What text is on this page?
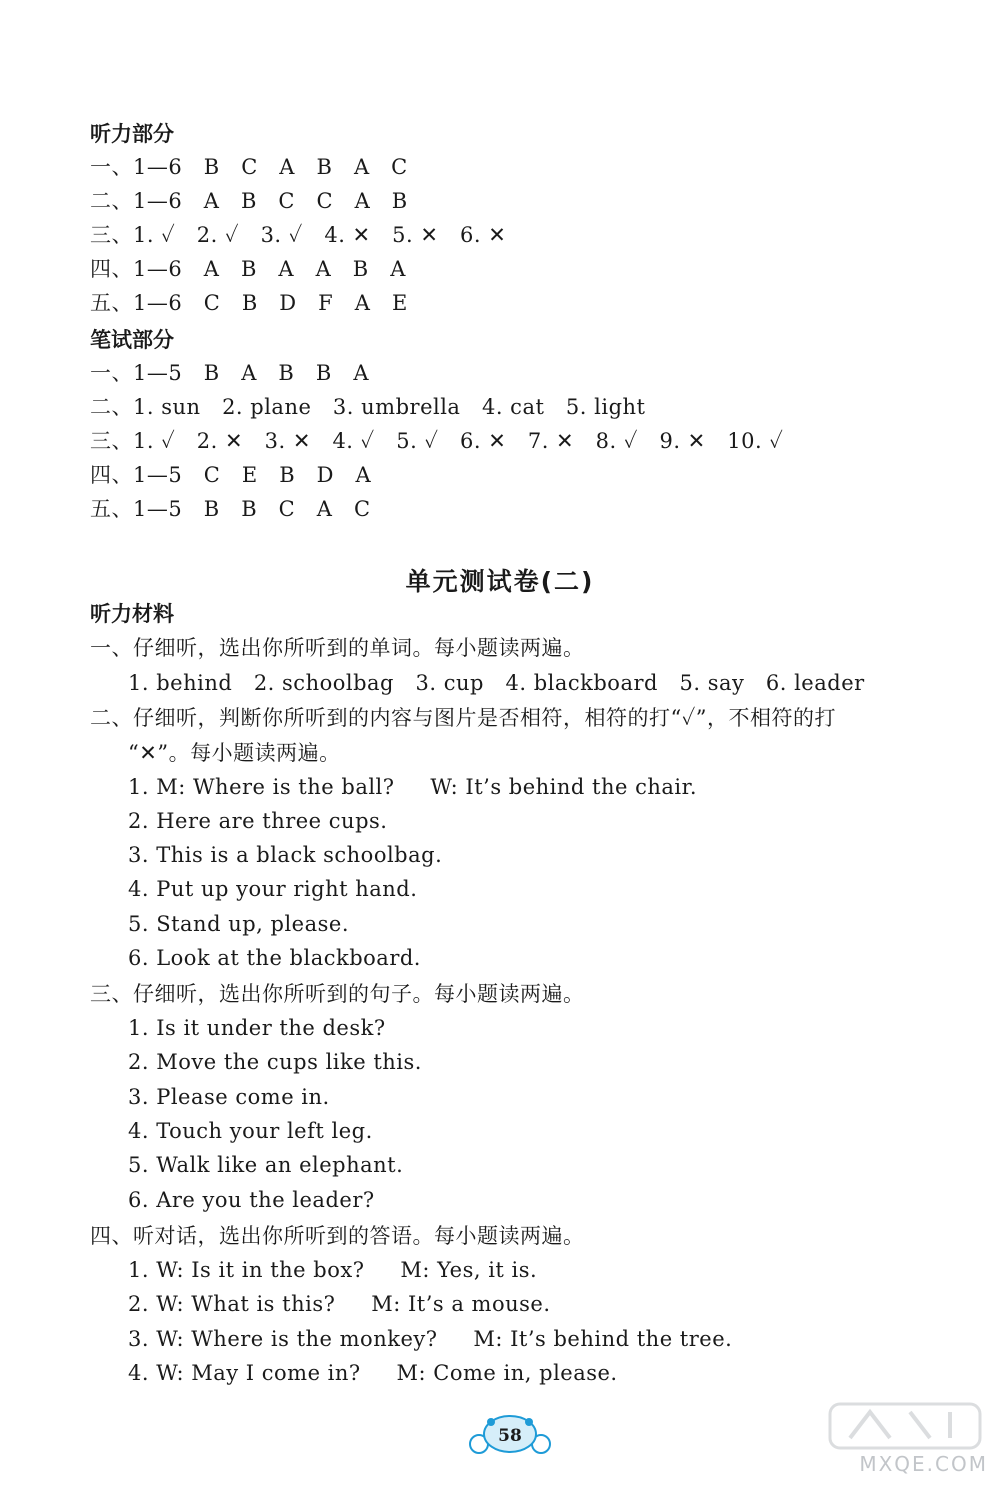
听力部分
一、1—6   B   C   A   B   A   C
二、1—6   A   B   C   C   A   B
三、1. ✓   2. ✓   3. ✓   4. ✕   5. ✕   6. ✕
四、1—6   A   B   A   A   B   A
五、1—6   C   B   D   F   A   E
笔试部分
一、1—5   B   A   B   B   A
二、1. sun   2. plane   3. umbrella   4. cat   5. light
三、1. ✓   2. ✕   3. ✕   4. ✓   5. ✓   6. ✕   7. ✕   8. ✓   9. ✕   10. ✓
四、1—5   C   E   B   D   A
五、1—5   B   B   C   A   C
单元测试卷(二)
听力材料
一、仔细听，选出你所听到的单词。每小题读两遍。
1. behind   2. schoolbag   3. cup   4. blackboard   5. say   6. leader
二、仔细听，判断你所听到的内容与图片是否相符，相符的打“✓”，不相符的打
“✕”。每小题读两遍。
1. M: Where is the ball?     W: It’s behind the chair.
2. Here are three cups.
3. This is a black schoolbag.
4. Put up your right hand.
5. Stand up, please.
6. Look at the blackboard.
三、仔细听，选出你所听到的句子。每小题读两遍。
1. Is it under the desk?
2. Move the cups like this.
3. Please come in.
4. Touch your left leg.
5. Walk like an elephant.
6. Are you the leader?
四、听对话，选出你所听到的答语。每小题读两遍。
1. W: Is it in the box?     M: Yes, it is.
2. W: What is this?     M: It’s a mouse.
3. W: Where is the monkey?     M: It’s behind the tree.
4. W: May I come in?     M: Come in, please.
58
MXQE.COM
